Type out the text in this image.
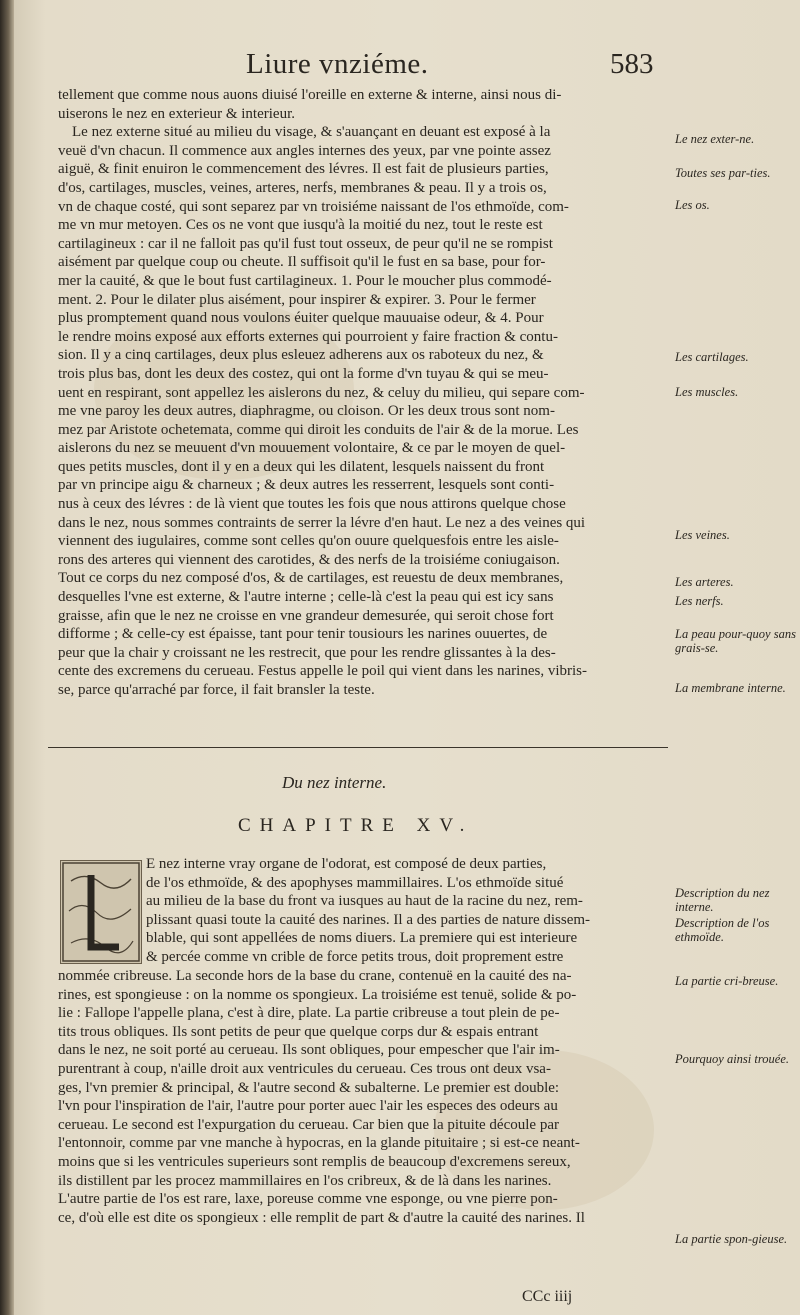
Liure vnziéme.	583
tellement que comme nous auons diuisé l'oreille en externe & interne, ainsi nous di-
uiserons le nez en exterieur & interieur.
Le nez externe situé au milieu du visage, & s'auançant en deuant est exposé à la
veuë d'vn chacun. Il commence aux angles internes des yeux, par vne pointe assez
aiguë, & finit enuiron le commencement des lévres. Il est fait de plusieurs parties,
d'os, cartilages, muscles, veines, arteres, nerfs, membranes & peau. Il y a trois os,
vn de chaque costé, qui sont separez par vn troisiéme naissant de l'os ethmoïde, com-
me vn mur metoyen. Ces os ne vont que iusqu'à la moitié du nez, tout le reste est
cartilagineux : car il ne falloit pas qu'il fust tout osseux, de peur qu'il ne se rompist
aisément par quelque coup ou cheute. Il suffisoit qu'il le fust en sa base, pour for-
mer la cauité, & que le bout fust cartilagineux. 1. Pour le moucher plus commodé-
ment. 2. Pour le dilater plus aisément, pour inspirer & expirer. 3. Pour le fermer
plus promptement quand nous voulons éuiter quelque mauuaise odeur, & 4. Pour
le rendre moins exposé aux efforts externes qui pourroient y faire fraction & contu-
sion. Il y a cinq cartilages, deux plus esleuez adherens aux os raboteux du nez, &
trois plus bas, dont les deux des costez, qui ont la forme d'vn tuyau & qui se meu-
uent en respirant, sont appellez les aislerons du nez, & celuy du milieu, qui separe com-
me vne paroy les deux autres, diaphragme, ou cloison. Or les deux trous sont nom-
mez par Aristote ochetemata, comme qui diroit les conduits de l'air & de la morue. Les
aislerons du nez se meuuent d'vn mouuement volontaire, & ce par le moyen de quel-
ques petits muscles, dont il y en a deux qui les dilatent, lesquels naissent du front
par vn principe aigu & charneux ; & deux autres les resserrent, lesquels sont conti-
nus à ceux des lévres : de là vient que toutes les fois que nous attirons quelque chose
dans le nez, nous sommes contraints de serrer la lévre d'en haut. Le nez a des veines qui
viennent des iugulaires, comme sont celles qu'on ouure quelquesfois entre les aisle-
rons des arteres qui viennent des carotides, & des nerfs de la troisiéme coniugaison.
Tout ce corps du nez composé d'os, & de cartilages, est reuestu de deux membranes,
desquelles l'vne est externe, & l'autre interne ; celle-là c'est la peau qui est icy sans
graisse, afin que le nez ne croisse en vne grandeur demesurée, qui seroit chose fort
difforme ; & celle-cy est épaisse, tant pour tenir tousiours les narines ouuertes, de
peur que la chair y croissant ne les restrecit, que pour les rendre glissantes à la des-
cente des excremens du cerueau. Festus appelle le poil qui vient dans les narines, vibris-
se, parce qu'arraché par force, il fait bransler la teste.
Du nez interne.
CHAPITRE XV.
E nez interne vray organe de l'odorat, est composé de deux parties,
de l'os ethmoïde, & des apophyses mammillaires. L'os ethmoïde situé
au milieu de la base du front va iusques au haut de la racine du nez, rem-
plissant quasi toute la cauité des narines. Il a des parties de nature dissem-
blable, qui sont appellées de noms diuers. La premiere qui est interieure
& percée comme vn crible de force petits trous, doit proprement estre
nommée cribreuse. La seconde hors de la base du crane, contenuë en la cauité des na-
rines, est spongieuse : on la nomme os spongieux. La troisiéme est tenuë, solide & po-
lie : Fallope l'appelle plana, c'est à dire, plate. La partie cribreuse a tout plein de pe-
tits trous obliques. Ils sont petits de peur que quelque corps dur & espais entrant
dans le nez, ne soit porté au cerueau. Ils sont obliques, pour empescher que l'air im-
purentrant à coup, n'aille droit aux ventricules du cerueau. Ces trous ont deux vsa-
ges, l'vn premier & principal, & l'autre second & subalterne. Le premier est double:
l'vn pour l'inspiration de l'air, l'autre pour porter auec l'air les especes des odeurs au
cerueau. Le second est l'expurgation du cerueau. Car bien que la pituite découle par
l'entonnoir, comme par vne manche à hypocras, en la glande pituitaire ; si est-ce neant-
moins que si les ventricules superieurs sont remplis de beaucoup d'excremens sereux,
ils distillent par les procez mammillaires en l'os cribreux, & de là dans les narines.
L'autre partie de l'os est rare, laxe, poreuse comme vne esponge, ou vne pierre pon-
ce, d'où elle est dite os spongieux : elle remplit de part & d'autre la cauité des narines. Il
Le nez exter-ne.
Toutes ses par-ties.
Les os.
Les cartilages.
Les muscles.
Les veines.
Les arteres.
Les nerfs.
La peau pour-quoy sans grais-se.
La membrane interne.
Description du nez interne.
Description de l'os ethmoïde.
La partie cri-breuse.
Pourquoy ainsi trouée.
La partie spon-gieuse.
CCc iiij
